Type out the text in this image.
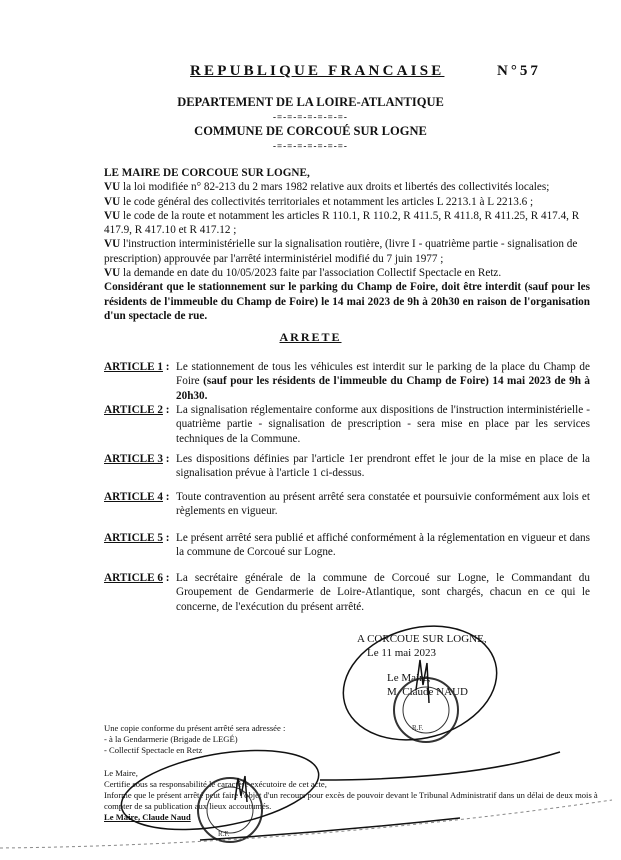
REPUBLIQUE FRANCAISE	N°57
DEPARTEMENT DE LA LOIRE-ATLANTIQUE
-=-=-=-=-=-=-=-
COMMUNE DE CORCOUÉ SUR LOGNE
-=-=-=-=-=-=-=-

LE MAIRE DE CORCOUE SUR LOGNE,

VU la loi modifiée n° 82-213 du 2 mars 1982 relative aux droits et libertés des collectivités locales;

VU le code général des collectivités territoriales et notamment les articles L 2213.1 à L 2213.6 ;

VU le code de la route et notamment les articles R 110.1, R 110.2, R 411.5, R 411.8, R 411.25, R 417.4, R 417.9, R 417.10 et R 417.12 ;

VU l'instruction interministérielle sur la signalisation routière, (livre I - quatrième partie - signalisation de prescription) approuvée par l'arrêté interministériel modifié du 7 juin 1977 ;

VU la demande en date du 10/05/2023 faite par l'association Collectif Spectacle en Retz.

Considérant que le stationnement sur le parking du Champ de Foire, doit être interdit (sauf pour les résidents de l'immeuble du Champ de Foire) le 14 mai 2023 de 9h à 20h30 en raison de l'organisation d'un spectacle de rue.

ARRETE
ARTICLE 1 : Le stationnement de tous les véhicules est interdit sur le parking de la place du Champ de Foire (sauf pour les résidents de l'immeuble du Champ de Foire) 14 mai 2023 de 9h à 20h30.
ARTICLE 2 : La signalisation réglementaire conforme aux dispositions de l'instruction interministérielle - quatrième partie - signalisation de prescription - sera mise en place par les services techniques de la Commune.
ARTICLE 3 : Les dispositions définies par l'article 1er prendront effet le jour de la mise en place de la signalisation prévue à l'article 1 ci-dessus.
ARTICLE 4 : Toute contravention au présent arrêté sera constatée et poursuivie conformément aux lois et règlements en vigueur.
ARTICLE 5 : Le présent arrêté sera publié et affiché conformément à la réglementation en vigueur et dans la commune de Corcoué sur Logne.
ARTICLE 6 : La secrétaire générale de la commune de Corcoué sur Logne, le Commandant du Groupement de Gendarmerie de Loire-Atlantique, sont chargés, chacun en ce qui le concerne, de l'exécution du présent arrêté.
A CORCOUE SUR LOGNE,
Le 11 mai 2023
Le Maire,
M. Claude NAUD

Une copie conforme du présent arrêté sera adressée :

- à la Gendarmerie (Brigade de LEGÉ)

- Collectif Spectacle en Retz

Le Maire,

Certifie sous sa responsabilité le caractère exécutoire de cet acte,

Informe que le présent arrêté peut faire l'objet d'un recours pour excès de pouvoir devant le Tribunal Administratif dans un délai de deux mois à compter de sa publication aux lieux accoutumés.

Le Maire, Claude Naud

R.F.
R.F.
